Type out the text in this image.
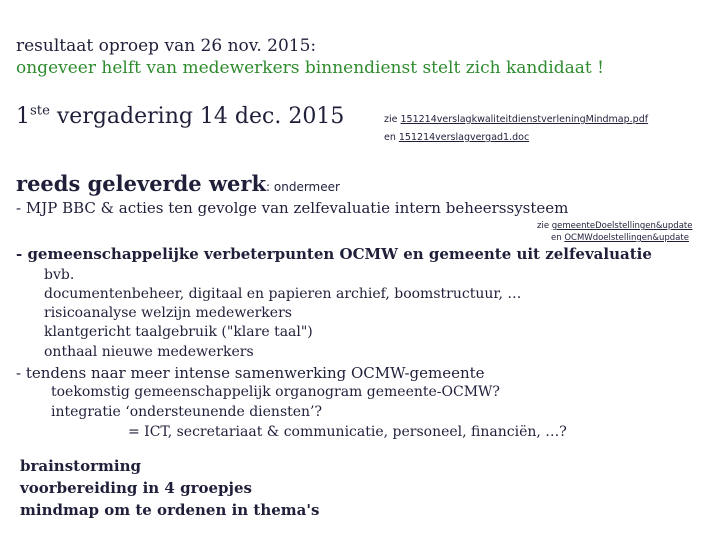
resultaat oproep van 26 nov. 2015:
ongeveer helft van medewerkers binnendienst stelt zich kandidaat !
1ste vergadering 14 dec. 2015	zie 151214verslagkwaliteitdienstverleningMindmap.pdf
en 151214verslagvergad1.doc
reeds geleverde werk: ondermeer
- MJP BBC & acties ten gevolge van zelfevaluatie intern beheerssysteem
zie gemeenteDoelstellingen&update
en OCMWdoelstellingen&update
- gemeenschappelijke verbeterpunten OCMW en gemeente uit zelfevaluatie
bvb.
documentenbeheer, digitaal en papieren archief, boomstructuur, …
risicoanalyse welzijn medewerkers
klantgericht taalgebruik ("klare taal")
onthaal nieuwe medewerkers
- tendens naar meer intense samenwerking OCMW-gemeente
toekomstig gemeenschappelijk organogram gemeente-OCMW?
integratie ‘ondersteunende diensten’?
= ICT, secretariaat & communicatie, personeel, financiën, …?
brainstorming
voorbereiding in 4 groepjes
mindmap om te ordenen in thema's
